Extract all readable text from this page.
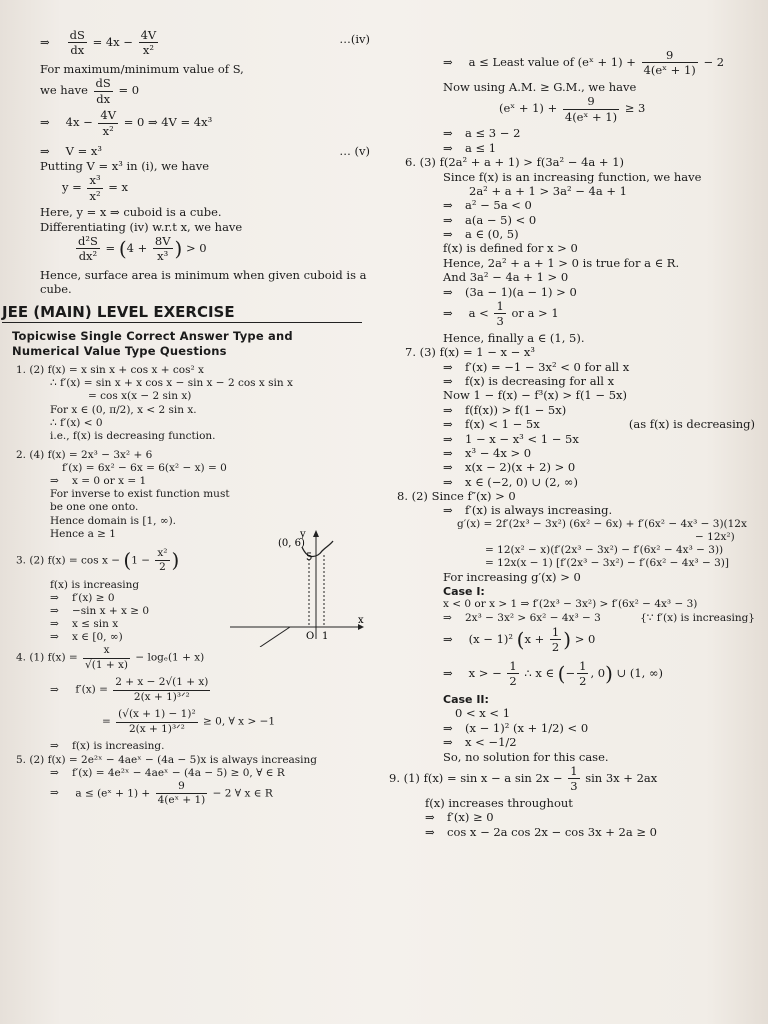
⇒
$\frac{dS}{dx} = 4x - \frac{4V}{\text{x²}}$	…(iv)
For maximum/minimum value of S,
we have $\frac{dS}{dx} = 0$
⇒ $4x - \frac{4V}{\text{x²}} = 0$ ⇒ 4V = 4x³
⇒ V = x³	… (v)
Putting V = x³ in (i), we have
$y = \frac{\text{x³}}{\text{x²}} = x$
Here, y = x ⇒ cuboid is a cube.
Differentiating (iv) w.r.t x, we have
$\frac{\text{d²S}}{\text{dx²}} = (4 + \frac{8V}{\text{x³}}$ ) > 0
Hence, surface area is minimum when given cuboid is a
cube.
JEE (MAIN) LEVEL EXERCISE
Topicwise Single Correct Answer Type and
Numerical Value Type Questions
1. (2) f(x) = x sin x + cos x + cos² x
∴ f′(x) = sin x + x cos x − sin x − 2 cos x sin x
= cos x(x − 2 sin x)
For x ∈ (0, π/2), x < 2 sin x.
∴ f′(x) < 0
i.e., f(x) is decreasing function.
2. (4) f(x) = 2x³ − 3x² + 6
f′(x) = 6x² − 6x = 6(x² − x) = 0
⇒ x = 0 or x = 1
For inverse to exist function must
be one one onto.
Hence domain is [1, ∞).
Hence a ≥ 1
3. (2) $f(x) = \cos x - (1 - \frac{\text{x²}}{2}$ )
f(x) is increasing
⇒ f′(x) ≥ 0
⇒ −sin x + x ≥ 0
⇒ x ≤ sin x
⇒ x ∈ [0, ∞)
4. (1) $f(x) = \frac{x}{√(1 + x)} - \log_e(1 + x)$
⇒ f′(x) =
2 + x − 2√(1 + x)
2(x + 1)³ᐟ²
=
(√(x + 1) − 1)²
2(x + 1)³ᐟ²
≥ 0, ∀ x > −1
⇒ f(x) is increasing.
5. (2) f(x) = 2e²ˣ − 4aeˣ − (4a − 5)x is always increasing
⇒ f′(x) = 4e²ˣ − 4aeˣ − (4a − 5) ≥ 0, ∀ ∈ R
⇒ a ≤ (eˣ + $1) + \frac{9}{\text{4(eˣ + 1)}} - 2$ ∀ x ∈ R
y
x
(0, 6)
5
O 1
⇒ a ≤ Least value of (eˣ + $1) + \frac{9}{\text{4(eˣ + 1)}} - 2$
Now using A.M. ≥ G.M., we have
(eˣ + $1) + \frac{9}{\text{4(eˣ + 1)}} \ge 3$
⇒ a ≤ 3 − 2
⇒ a ≤ 1
6. (3) f(2a² + a + 1) > f(3a² − 4a + 1)
Since f(x) is an increasing function, we have
2a² + a + 1 > 3a² − 4a + 1
⇒ a² − 5a < 0
⇒ a(a − 5) < 0
⇒ a ∈ (0, 5)
f(x) is defined for x > 0
Hence, 2a² + a + 1 > 0 is true for a ∈ R.
And 3a² − 4a + 1 > 0
⇒ (3a − 1)(a − 1) > 0
⇒ $a < \frac{1}{3}$ or a > 1
Hence, finally a ∈ (1, 5).
7. (3) f(x) = 1 − x − x³
⇒ f′(x) = −1 − 3x² < 0 for all x
⇒ f(x) is decreasing for all x
Now 1 − f(x) − f³(x) > f(1 − 5x)
⇒ f(f(x)) > f(1 − 5x)
⇒ f(x) < 1 − 5x	(as f(x) is decreasing)
⇒ 1 − x − x³ < 1 − 5x
⇒ x³ − 4x > 0
⇒ x(x − 2)(x + 2) > 0
⇒ x ∈ (−2, 0) ∪ (2, ∞)
8. (2) Since f″(x) > 0
⇒ f′(x) is always increasing.
g′(x) = 2f′(2x³ − 3x²) (6x² − 6x) + f′(6x² − 4x³ − 3)(12x
− 12x²)
= 12(x² − x)(f′(2x³ − 3x²) − f′(6x² − 4x³ − 3))
= 12x(x − 1) [f′(2x³ − 3x²) − f′(6x² − 4x³ − 3)]
For increasing g′(x) > 0
Case I:
x < 0 or x > 1 ⇒ f′(2x³ − 3x²) > f′(6x² − 4x³ − 3)
⇒ 2x³ − 3x² > 6x² − 4x³ − 3	{∵ f′(x) is increasing}
⇒ (x − 1)² ($x + \frac{1}{2}$ ) > 0
⇒ x > − $\frac{1}{2}$ ∴ x ∈ (− $\frac{1}{2}$ , 0) ∪ (1, ∞)
Case II:
0 < x < 1
⇒ (x − 1)² (x + 1/2) < 0
⇒ x < −1/2
So, no solution for this case.
9. (1) f(x) = sin x − a $\sin 2x - \frac{1}{3}$ sin 3x + 2ax
f(x) increases throughout
⇒ f′(x) ≥ 0
⇒ cos x − 2a cos 2x − cos 3x + 2a ≥ 0
